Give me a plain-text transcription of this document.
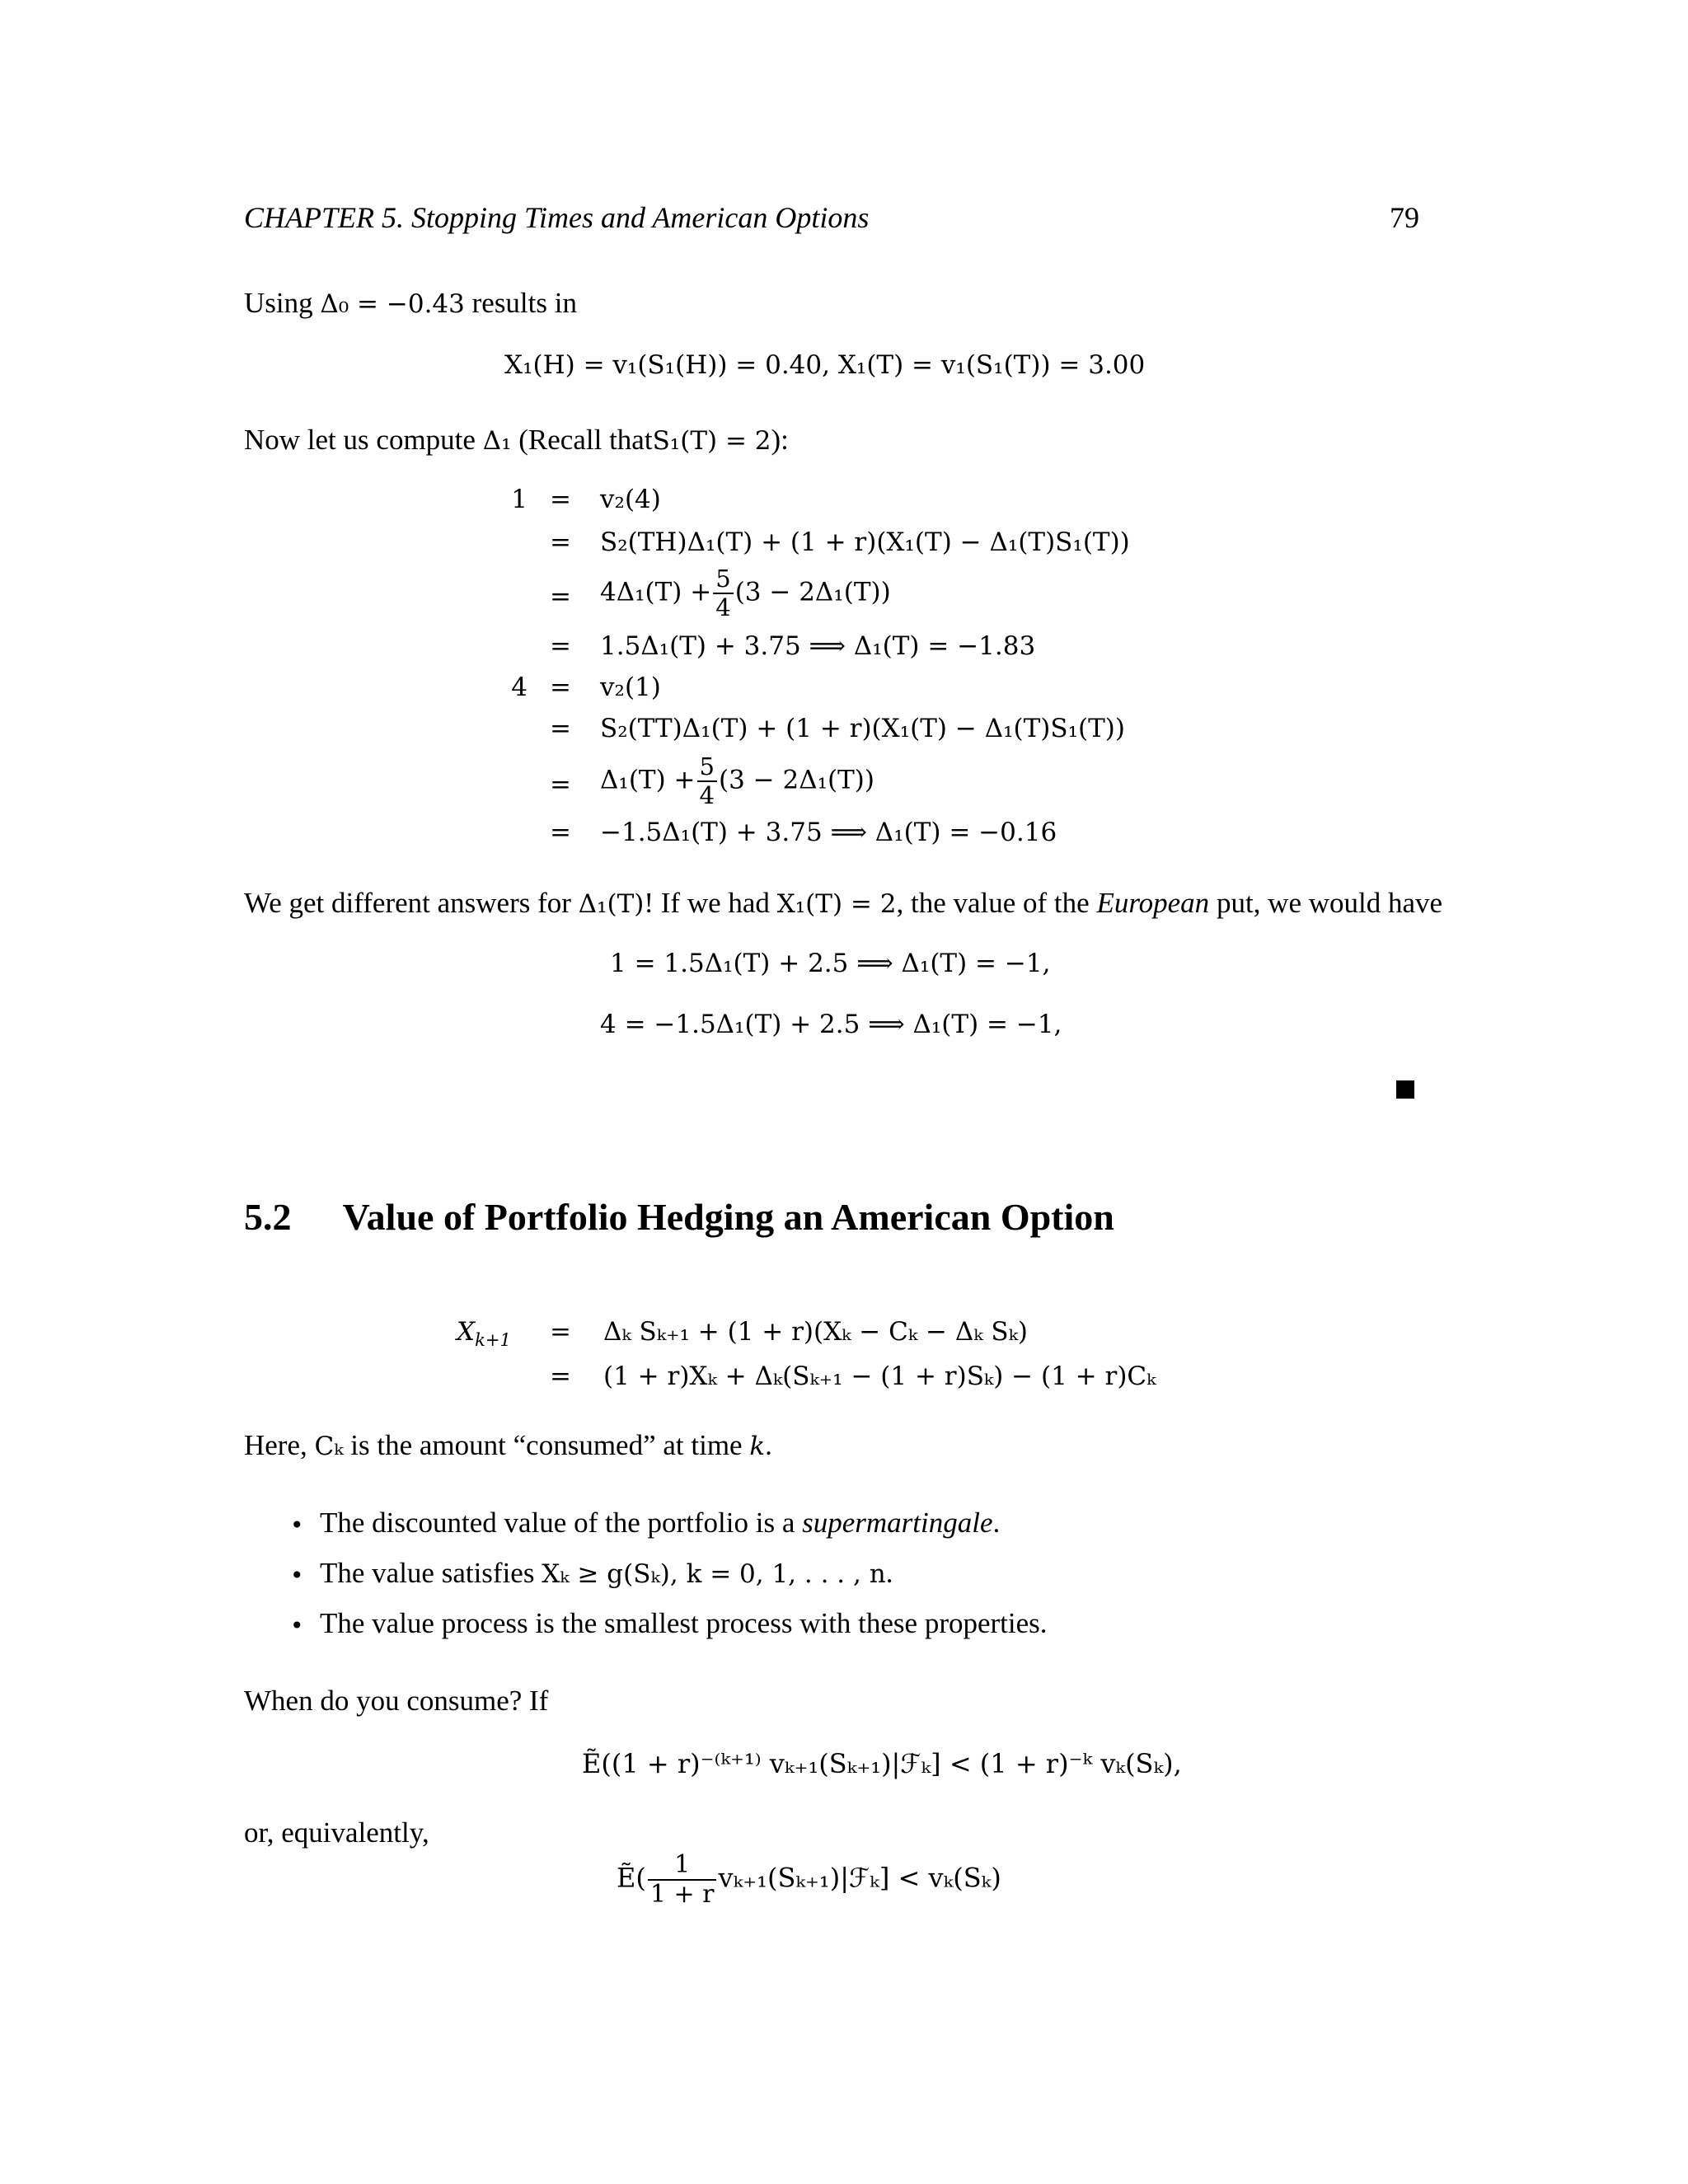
CHAPTER 5. Stopping Times and American Options	79
Using Δ₀ = −0.43 results in
X₁(H) = v₁(S₁(H)) = 0.40, X₁(T) = v₁(S₁(T)) = 3.00
Now let us compute Δ₁ (Recall thatS₁(T) = 2):
1 = v₂(4)
= S₂(TH)Δ₁(T) + (1 + r)(X₁(T) − Δ₁(T)S₁(T))
= $4\Delta_1(T) + \frac{5}{4} (3 - 2\Delta_1(T))$
= 1.5Δ₁(T) + 3.75 ⟹ Δ₁(T) = −1.83
4 = v₂(1)
= S₂(TT)Δ₁(T) + (1 + r)(X₁(T) − Δ₁(T)S₁(T))
= $\Delta_1(T) + \frac{5}{4} (3 - 2\Delta_1(T))$
= −1.5Δ₁(T) + 3.75 ⟹ Δ₁(T) = −0.16
We get different answers for Δ₁(T)! If we had X₁(T) = 2, the value of the European put, we would have
1 = 1.5Δ₁(T) + 2.5 ⟹ Δ₁(T) = −1,
4 = −1.5Δ₁(T) + 2.5 ⟹ Δ₁(T) = −1,
5.2 Value of Portfolio Hedging an American Option
$X_{k+1} = \Delta_k$ Sₖ₊₁ + (1 + r)(Xₖ − Cₖ − Δₖ Sₖ)
= (1 + r)Xₖ + Δₖ(Sₖ₊₁ − (1 + r)Sₖ) − (1 + r)Cₖ
Here, Cₖ is the amount “consumed” at time k.
• The discounted value of the portfolio is a supermartingale.
• The value satisfies Xₖ ≥ g(Sₖ), k = 0, 1, . . . , n.
• The value process is the smallest process with these properties.
When do you consume? If
Ẽ((1 + r)⁻⁽ᵏ⁺¹⁾ vₖ₊₁(Sₖ₊₁)|ℱₖ] < (1 + r)⁻ᵏ vₖ(Sₖ),
or, equivalently,
Ẽ( $\frac{1}{1 + r}$ vₖ₊₁(Sₖ₊₁)|ℱₖ] < vₖ(Sₖ)
